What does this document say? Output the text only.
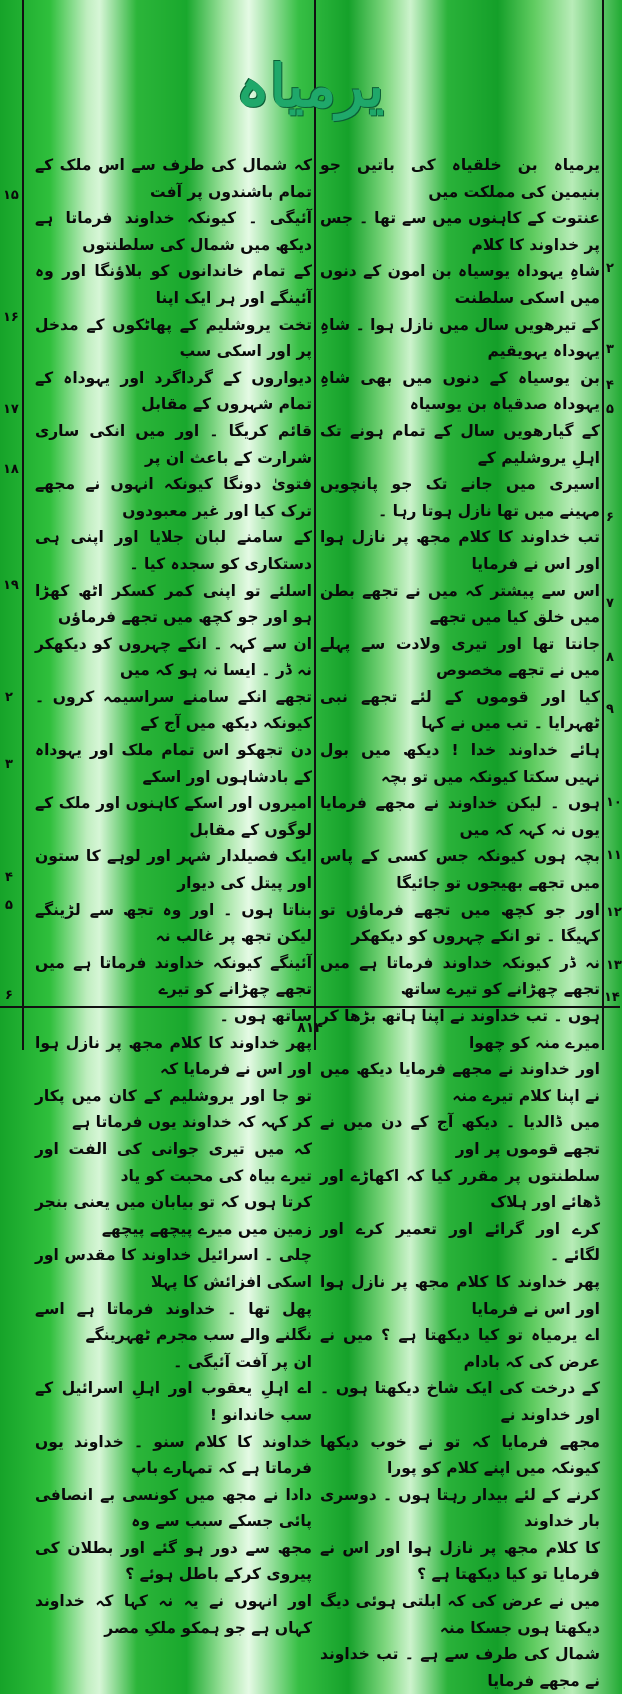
یرمیاہ

یرمیاہ بن خلقیاہ کی باتیں جو بنیمین کی مملکت میں

عنتوت کے کاہنوں میں سے تھا ۔ جس پر خداوند کا کلام

شاہِ یہوداہ یوسیاہ بن امون کے دنوں میں اسکی سلطنت

کے تیرھویں سال میں نازل ہوا ۔ شاہِ یہوداہ یہویقیم

بن یوسیاہ کے دنوں میں بھی شاہِ یہوداہ صدقیاہ بن یوسیاہ

کے گیارھویں سال کے تمام ہونے تک اہلِ یروشلیم کے

اسیری میں جانے تک جو پانچویں مہینے میں تھا نازل ہوتا رہا ۔

تب خداوند کا کلام مجھ پر نازل ہوا اور اس نے فرمایا

اس سے پیشتر کہ میں نے تجھے بطن میں خلق کیا میں تجھے

جانتا تھا اور تیری ولادت سے پہلے میں نے تجھے مخصوص

کیا اور قوموں کے لئے تجھے نبی ٹھہرایا ۔ تب میں نے کہا

ہائے خداوند خدا ! دیکھ میں بول نہیں سکتا کیونکہ میں تو بچہ

ہوں ۔ لیکن خداوند نے مجھے فرمایا یوں نہ کہہ کہ میں

بچہ ہوں کیونکہ جس کسی کے پاس میں تجھے بھیجوں تو جائیگا

اور جو کچھ میں تجھے فرماؤں تو کہیگا ۔ تو انکے چہروں کو دیکھکر

نہ ڈر کیونکہ خداوند فرماتا ہے میں تجھے چھڑانے کو تیرے ساتھ

ہوں ۔ تب خداوند نے اپنا ہاتھ بڑھا کر میرے منہ کو چھوا

اور خداوند نے مجھے فرمایا دیکھ میں نے اپنا کلام تیرے منہ

میں ڈالدیا ۔ دیکھ آج کے دن میں نے تجھے قوموں پر اور

سلطنتوں پر مقرر کیا کہ اکھاڑے اور ڈھائے اور ہلاک

کرے اور گرائے اور تعمیر کرے اور لگائے ۔

پھر خداوند کا کلام مجھ پر نازل ہوا اور اس نے فرمایا

اے یرمیاہ تو کیا دیکھتا ہے ؟ میں نے عرض کی کہ بادام

کے درخت کی ایک شاخ دیکھتا ہوں ۔ اور خداوند نے

مجھے فرمایا کہ تو نے خوب دیکھا کیونکہ میں اپنے کلام کو پورا

کرنے کے لئے بیدار رہتا ہوں ۔ دوسری بار خداوند

کا کلام مجھ پر نازل ہوا اور اس نے فرمایا تو کیا دیکھتا ہے ؟

میں نے عرض کی کہ ابلتی ہوئی دیگ دیکھتا ہوں جسکا منہ

شمال کی طرف سے ہے ۔ تب خداوند نے مجھے فرمایا

کہ شمال کی طرف سے اس ملک کے تمام باشندوں پر آفت

آئیگی ۔ کیونکہ خداوند فرماتا ہے دیکھ میں شمال کی سلطنتوں

کے تمام خاندانوں کو بلاؤنگا اور وہ آئینگے اور ہر ایک اپنا

تخت یروشلیم کے پھاٹکوں کے مدخل پر اور اسکی سب

دیواروں کے گرداگرد اور یہوداہ کے تمام شہروں کے مقابل

قائم کریگا ۔ اور میں انکی ساری شرارت کے باعث ان پر

فتویٰ دونگا کیونکہ انہوں نے مجھے ترک کیا اور غیر معبودوں

کے سامنے لبان جلایا اور اپنی ہی دستکاری کو سجدہ کیا ۔

اسلئے تو اپنی کمر کسکر اٹھ کھڑا ہو اور جو کچھ میں تجھے فرماؤں

ان سے کہہ ۔ انکے چہروں کو دیکھکر نہ ڈر ۔ ایسا نہ ہو کہ میں

تجھے انکے سامنے سراسیمہ کروں ۔ کیونکہ دیکھ میں آج کے

دن تجھکو اس تمام ملک اور یہوداہ کے بادشاہوں اور اسکے

امیروں اور اسکے کاہنوں اور ملک کے لوگوں کے مقابل

ایک فصیلدار شہر اور لوہے کا ستون اور پیتل کی دیوار

بناتا ہوں ۔ اور وہ تجھ سے لڑینگے لیکن تجھ پر غالب نہ

آئینگے کیونکہ خداوند فرماتا ہے میں تجھے چھڑانے کو تیرے

ساتھ ہوں ۔

پھر خداوند کا کلام مجھ پر نازل ہوا اور اس نے فرمایا کہ

تو جا اور یروشلیم کے کان میں پکار کر کہہ کہ خداوند یوں فرماتا ہے

کہ میں تیری جوانی کی الفت اور تیرے بیاہ کی محبت کو یاد

کرتا ہوں کہ تو بیابان میں یعنی بنجر زمین میں میرے پیچھے پیچھے

چلی ۔ اسرائیل خداوند کا مقدس اور اسکی افزائش کا پہلا

پھل تھا ۔ خداوند فرماتا ہے اسے نگلنے والے سب مجرم ٹھہرینگے

ان پر آفت آئیگی ۔

اے اہلِ یعقوب اور اہلِ اسرائیل کے سب خاندانو !

خداوند کا کلام سنو ۔ خداوند یوں فرماتا ہے کہ تمہارے باپ

دادا نے مجھ میں کونسی بے انصافی پائی جسکے سبب سے وہ

مجھ سے دور ہو گئے اور بطلان کی پیروی کرکے باطل ہوئے ؟

اور انہوں نے یہ نہ کہا کہ خداوند کہاں ہے جو ہمکو ملکِ مصر

۲
۳
۴
۵
۶
۷
۸
۹
۱۰
۱۱
۱۲
۱۳
۱۴
۱۵
۱۶
۱۷
۱۸
۱۹
۲
۳
۴
۵
۶
۸۱۴
